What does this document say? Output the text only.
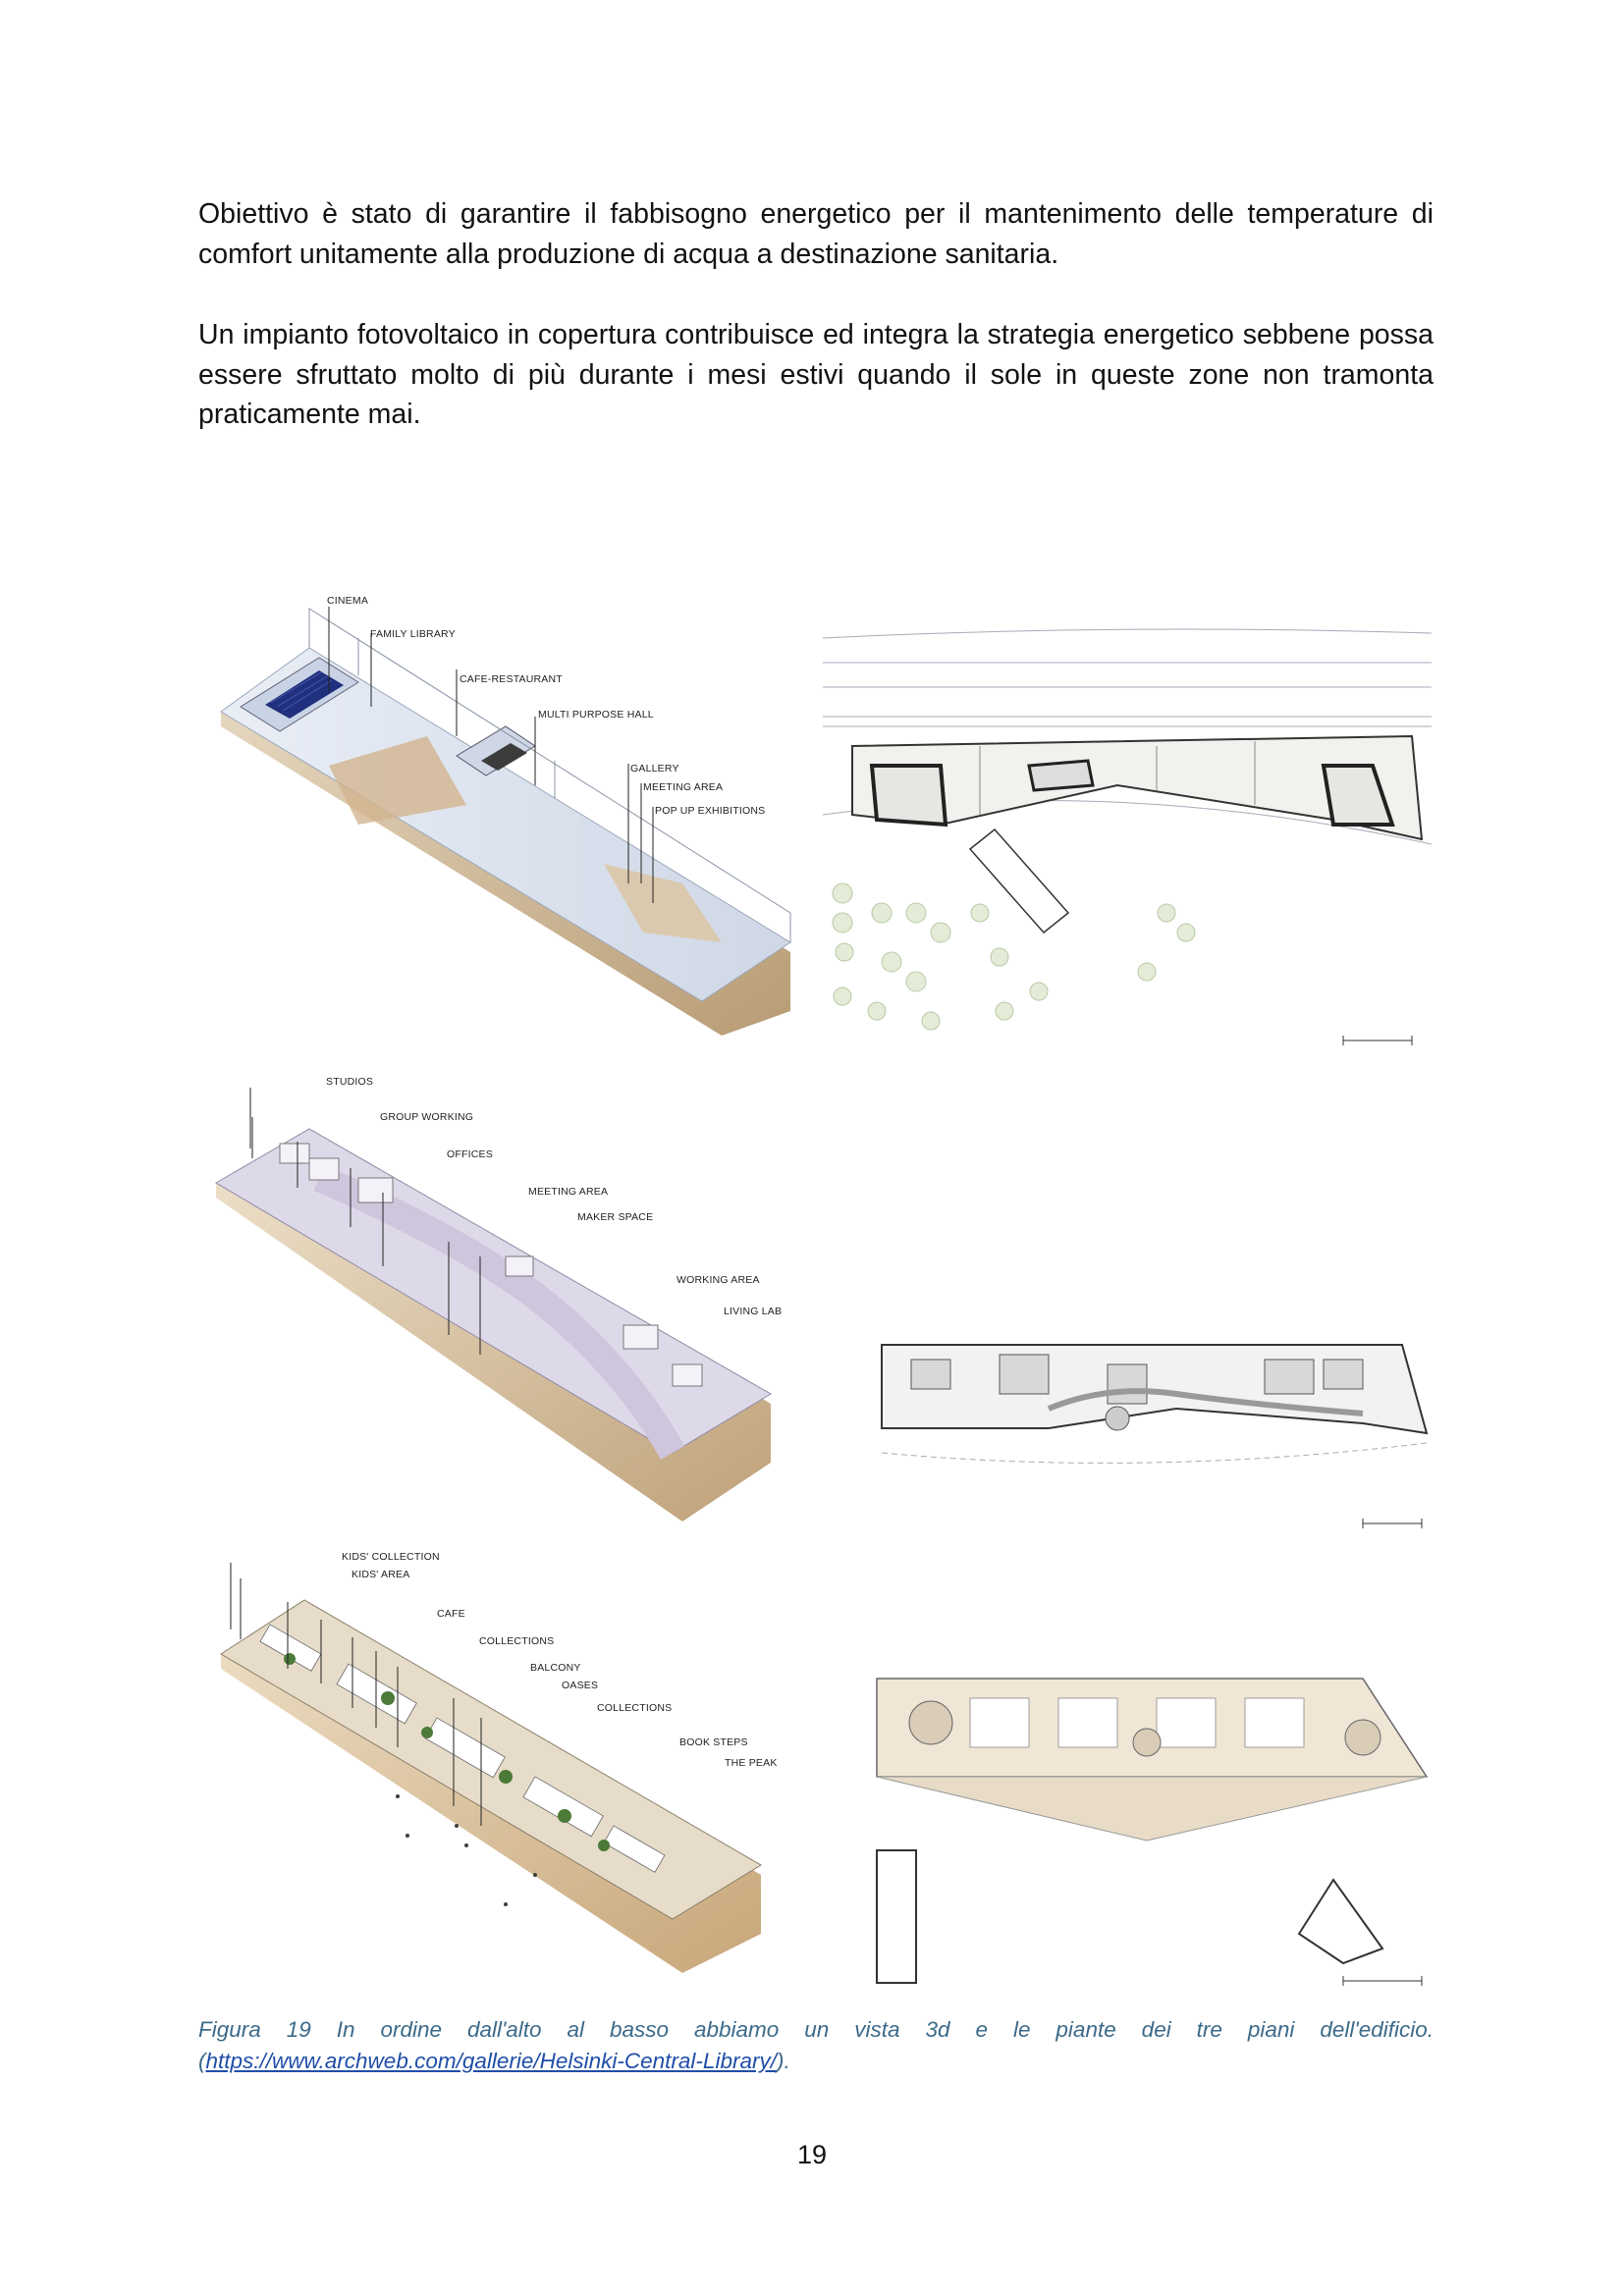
Obiettivo è stato di garantire il fabbisogno energetico per il mantenimento delle temperature di comfort unitamente alla produzione di acqua a destinazione sanitaria.

Un impianto fotovoltaico in copertura contribuisce ed integra la strategia energetico sebbene possa essere sfruttato molto di più durante i mesi estivi quando il sole in queste zone non tramonta praticamente mai.

CINEMA
FAMILY LIBRARY
CAFE-RESTAURANT
MULTI PURPOSE HALL
GALLERY
MEETING AREA
POP UP EXHIBITIONS
STUDIOS
GROUP WORKING
OFFICES
MEETING AREA
MAKER SPACE
WORKING AREA
LIVING LAB
KIDS' COLLECTION
KIDS' AREA
CAFE
COLLECTIONS
BALCONY
OASES
COLLECTIONS
BOOK STEPS
THE PEAK

Figura 19 In ordine dall'alto al basso abbiamo un vista 3d e le piante dei tre piani dell'edificio. (https://www.archweb.com/gallerie/Helsinki-Central-Library/).

19
